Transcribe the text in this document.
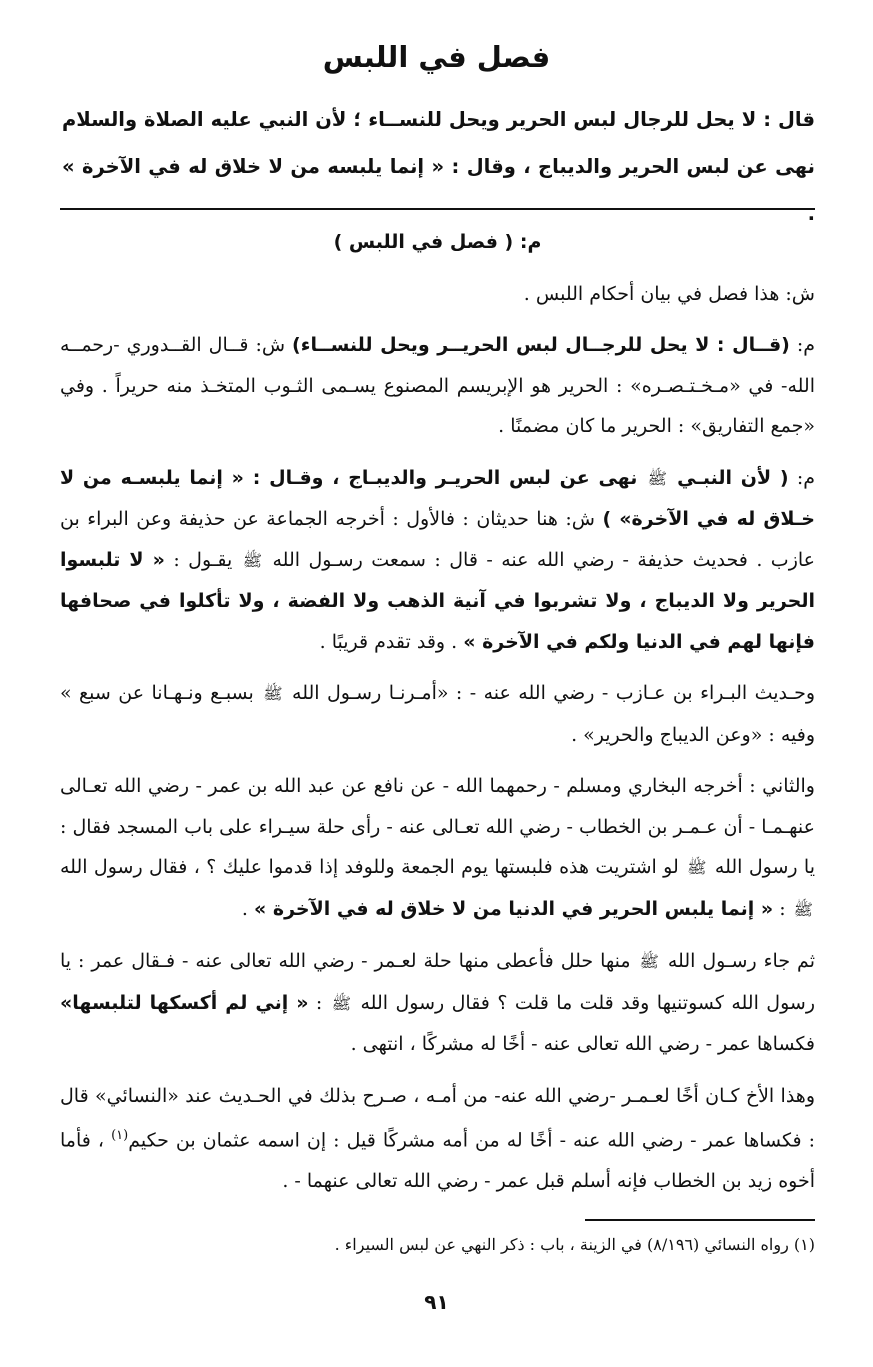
فصل في اللبس

قال : لا يحل للرجال لبس الحرير ويحل للنســاء ؛ لأن النبي عليه الصلاة والسلام نهى عن لبس الحرير والديباج ، وقال : « إنما يلبسه من لا خلاق له في الآخرة » .

م: ( فصل في اللبس )

ش: هذا فصل في بيان أحكام اللبس .

م: (قــال : لا يحل للرجــال لبس الحريــر ويحل للنســاء) ش: قــال القــدوري -رحمــه الله- في «مـخـتـصـره» : الحرير هو الإبريسم المصنوع يسـمى الثـوب المتخـذ منه حريراً . وفي «جمع التفاريق» : الحرير ما كان مضمنًا .

م: ( لأن النبـي ﷺ نهى عن لبس الحريـر والديبـاج ، وقـال : « إنما يلبسـه من لا خـلاق له في الآخرة» ) ش: هنا حديثان : فالأول : أخرجه الجماعة عن حذيفة وعن البراء بن عازب . فحديث حذيفة - رضي الله عنه - قال : سمعت رسـول الله ﷺ يقـول : « لا تلبسوا الحرير ولا الديباج ، ولا تشربوا في آنية الذهب ولا الفضة ، ولا تأكلوا في صحافها فإنها لهم في الدنيا ولكم في الآخرة » . وقد تقدم قريبًا .

وحـديث البـراء بن عـازب - رضي الله عنه - : «أمـرنـا رسـول الله ﷺ بسبـع ونـهـانا عن سبع » وفيه : «وعن الديباج والحرير» .

والثاني : أخرجه البخاري ومسلم - رحمهما الله - عن نافع عن عبد الله بن عمر - رضي الله تعـالى عنهـمـا - أن عـمـر بن الخطاب - رضي الله تعـالى عنه - رأى حلة سيـراء على باب المسجد فقال : يا رسول الله ﷺ لو اشتريت هذه فلبستها يوم الجمعة وللوفد إذا قدموا عليك ؟ ، فقال رسول الله ﷺ : « إنما يلبس الحرير في الدنيا من لا خلاق له في الآخرة » .

ثم جاء رسـول الله ﷺ منها حلل فأعطى منها حلة لعـمر - رضي الله تعالى عنه - فـقال عمر : يا رسول الله كسوتنيها وقد قلت ما قلت ؟ فقال رسول الله ﷺ : « إني لم أكسكها لتلبسها» فكساها عمر - رضي الله تعالى عنه - أخًا له مشركًا ، انتهى .

وهذا الأخ كـان أخًا لعـمـر -رضي الله عنه- من أمـه ، صـرح بذلك في الحـديث عند «النسائي» قال : فكساها عمر - رضي الله عنه - أخًا له من أمه مشركًا قيل : إن اسمه عثمان بن حكيم$^{(١)}$ ، فأما أخوه زيد بن الخطاب فإنه أسلم قبل عمر - رضي الله تعالى عنهما - .

(١) رواه النسائي (٨/١٩٦) في الزينة ، باب : ذكر النهي عن لبس السيراء .

٩١
